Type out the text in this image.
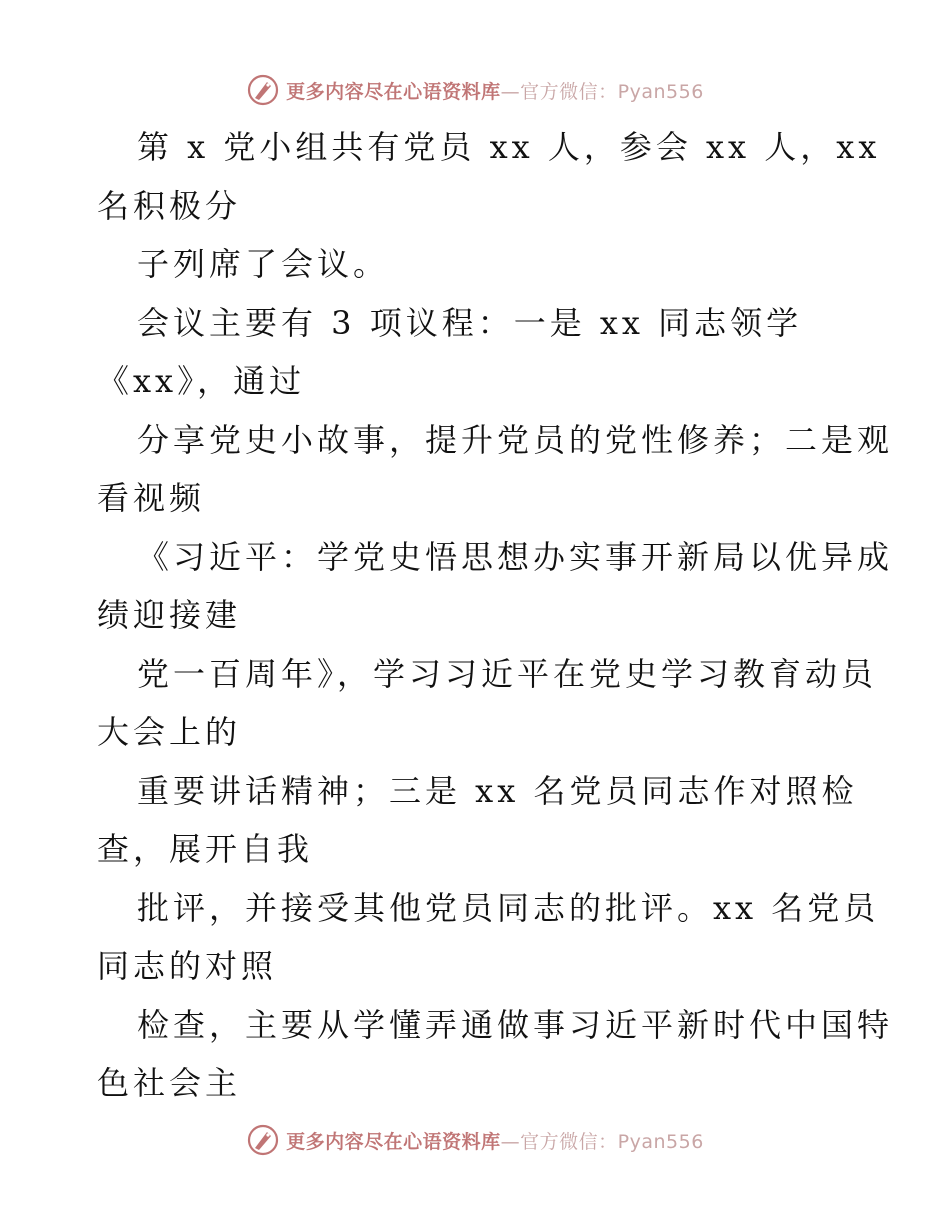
更多内容尽在心语资料库—官方微信：Pyan556
第 x 党小组共有党员 xx 人，参会 xx 人，xx
名积极分
子列席了会议。
会议主要有 3 项议程：一是 xx 同志领学
《xx》，通过
分享党史小故事，提升党员的党性修养；二是观
看视频
《习近平：学党史悟思想办实事开新局以优异成
绩迎接建
党一百周年》，学习习近平在党史学习教育动员
大会上的
重要讲话精神；三是 xx 名党员同志作对照检
查，展开自我
批评，并接受其他党员同志的批评。xx 名党员
同志的对照
检查，主要从学懂弄通做事习近平新时代中国特
色社会主
更多内容尽在心语资料库—官方微信：Pyan556
